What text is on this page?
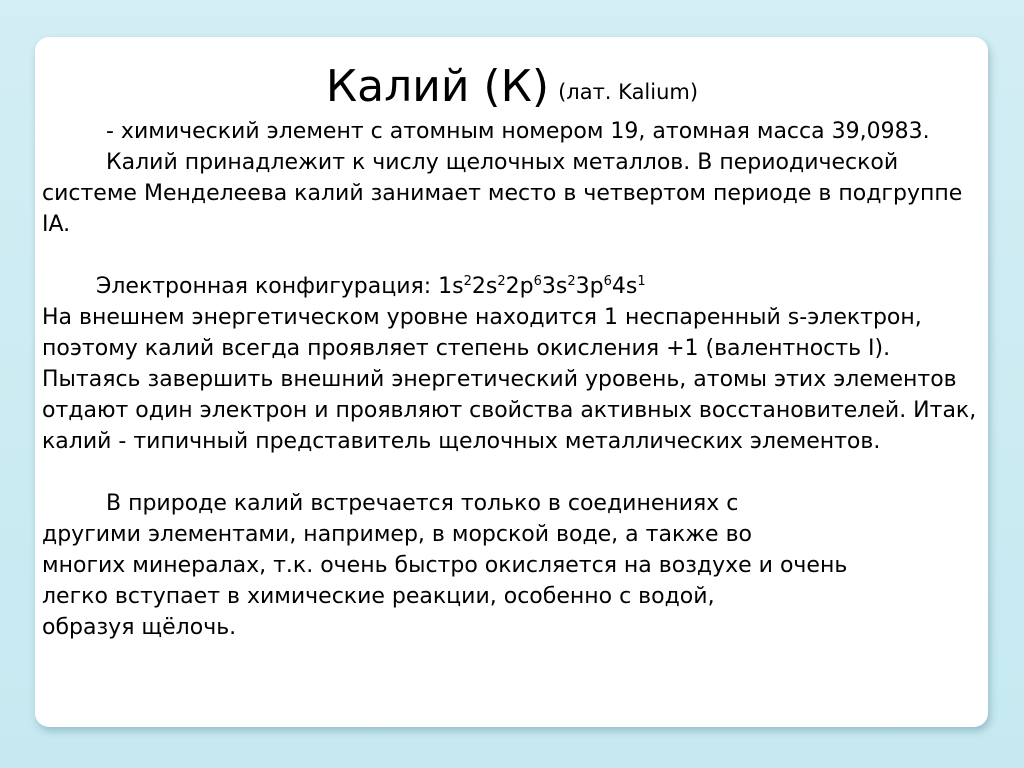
Калий (К) (лат. Kalium)

- химический элемент с атомным номером 19, атомная масса 39,0983.

Калий принадлежит к числу щелочных металлов. В периодической системе Менделеева калий занимает место в четвертом периоде в подгруппе IA.

Электронная конфигурация: $1s^22s^22p^63s^23p^64s^1$

На внешнем энергетическом уровне находится 1 неспаренный s-электрон, поэтому калий всегда проявляет степень окисления +1 (валентность I). Пытаясь завершить внешний энергетический уровень, атомы этих элементов отдают один электрон и проявляют свойства активных восстановителей. Итак, калий - типичный представитель щелочных металлических элементов.

В природе калий встречается только в соединениях с
другими элементами, например, в морской воде, а также во
многих минералах, т.к. очень быстро окисляется на воздухе и очень
легко вступает в химические реакции, особенно с водой,
образуя щёлочь.
